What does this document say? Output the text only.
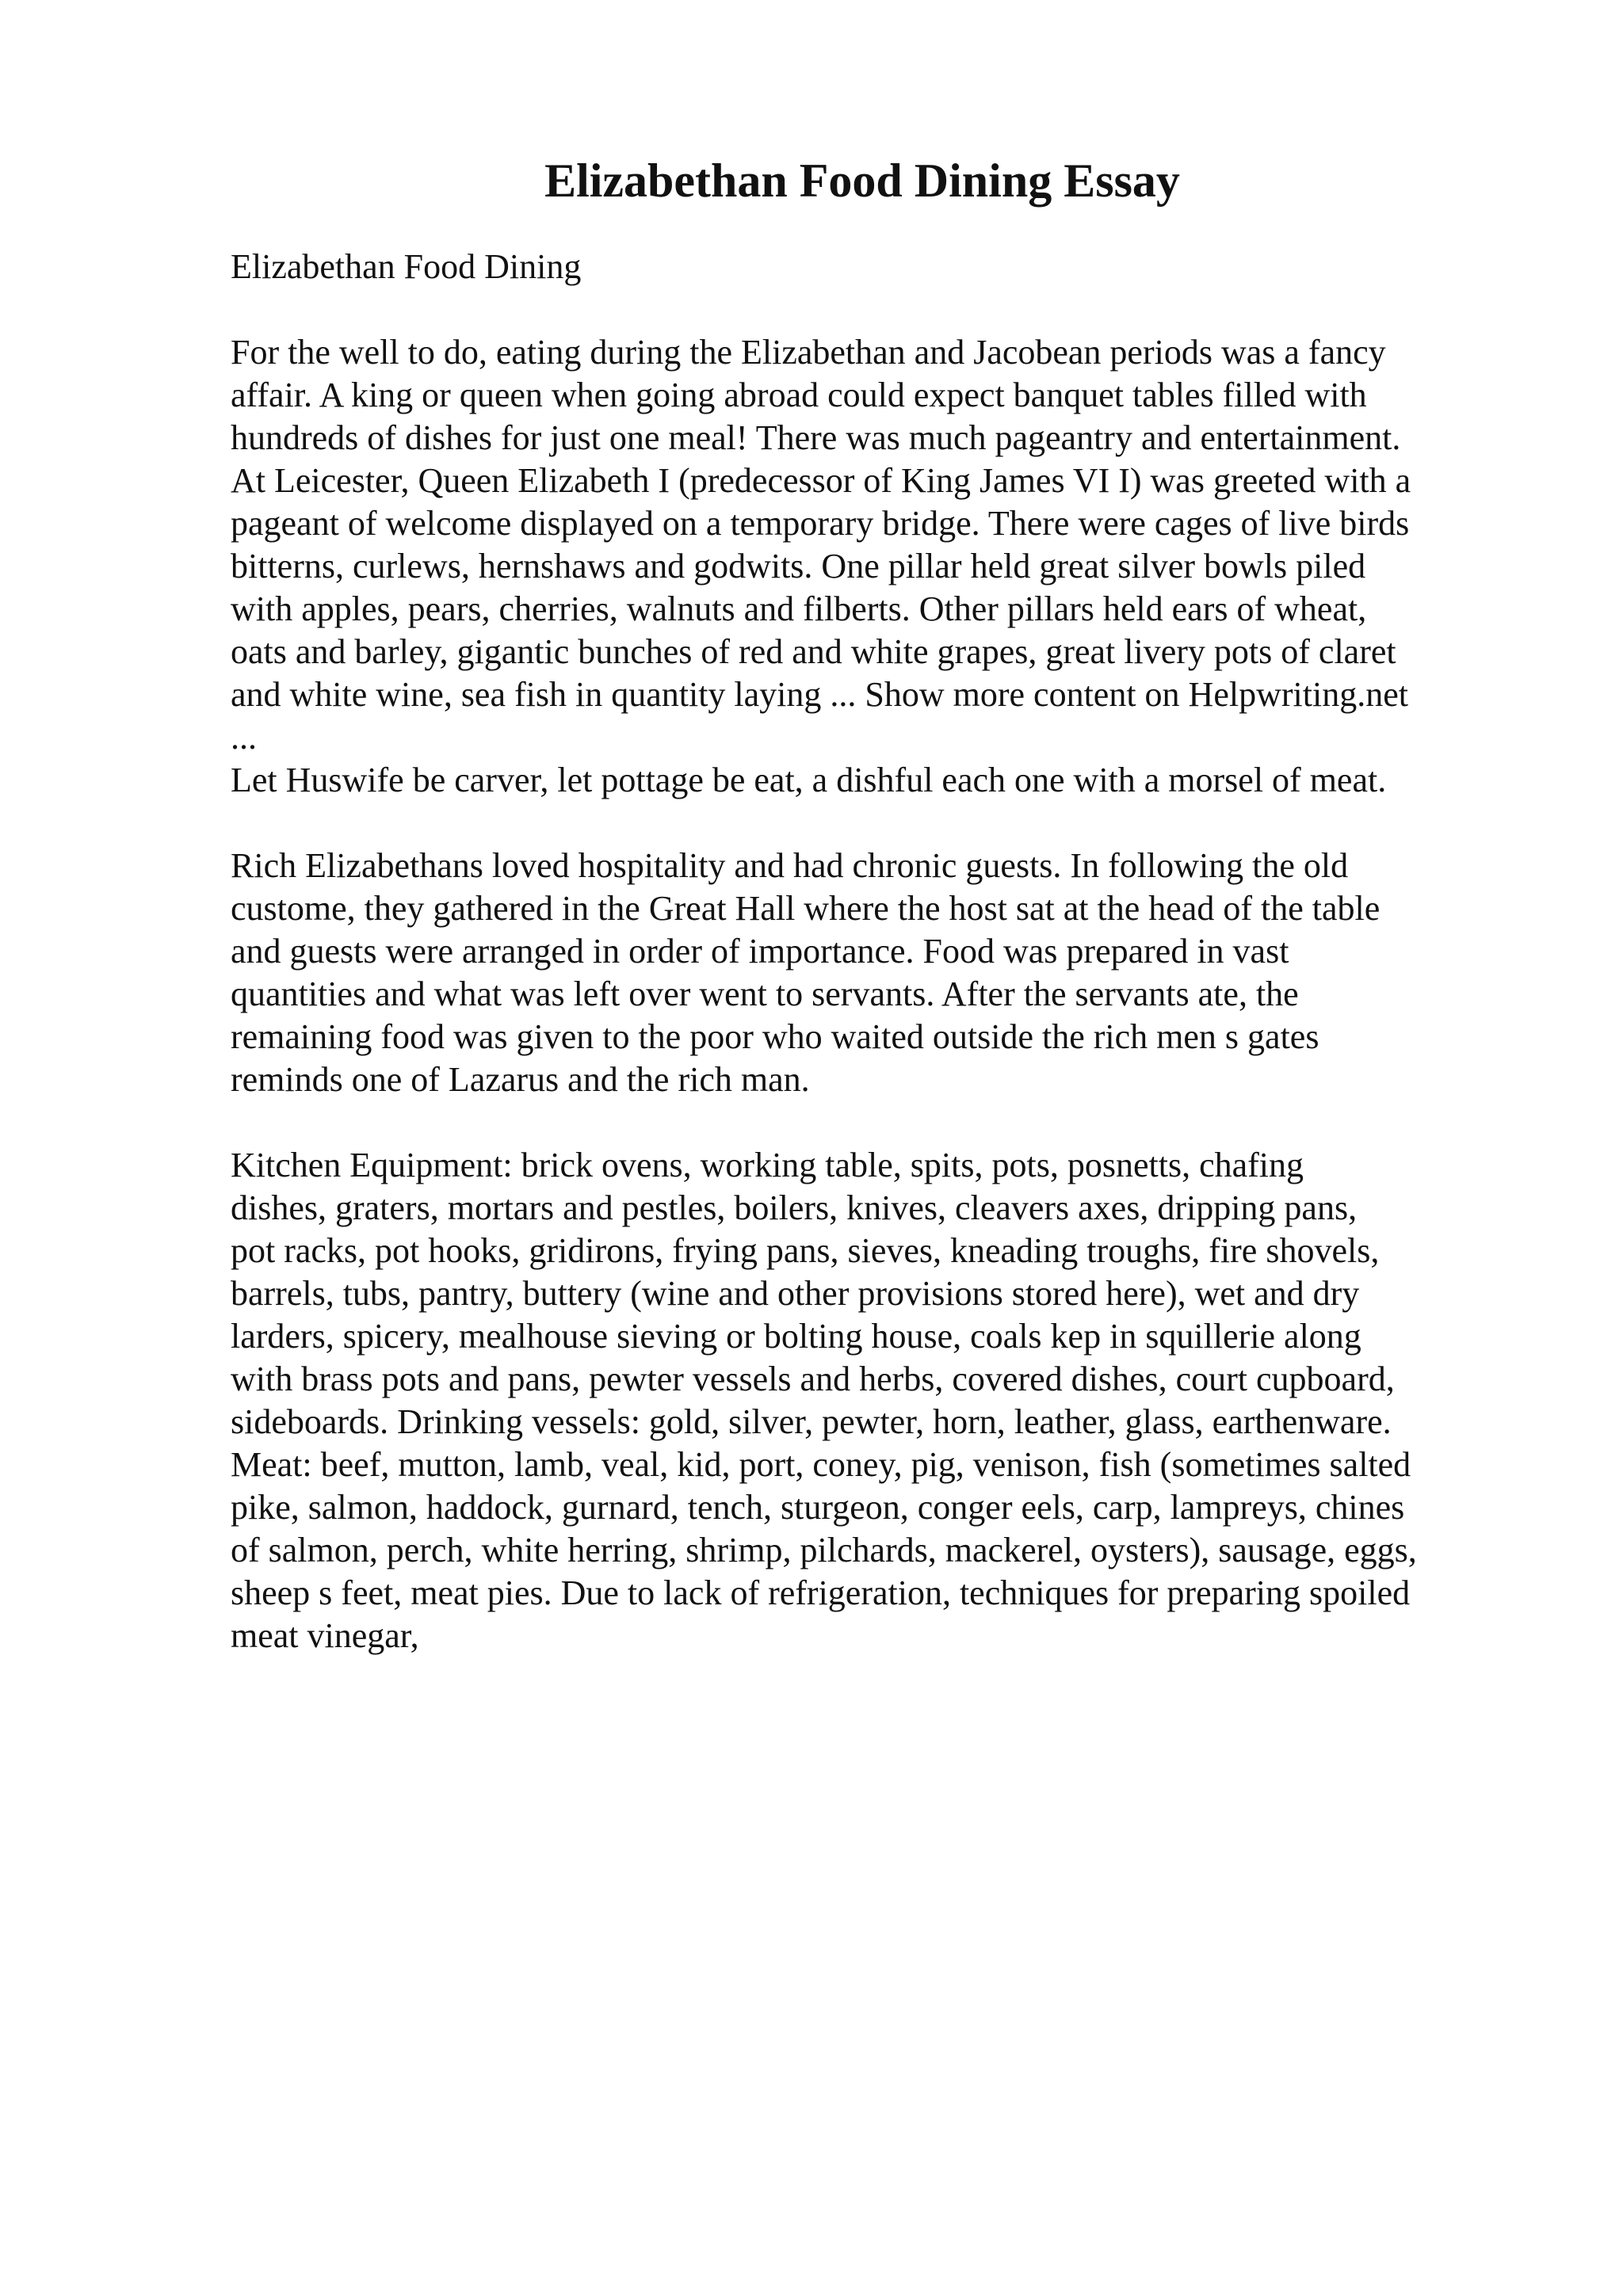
Elizabethan Food Dining Essay

Elizabethan Food Dining

For the well to do, eating during the Elizabethan and Jacobean periods was a fancy
affair. A king or queen when going abroad could expect banquet tables filled with
hundreds of dishes for just one meal! There was much pageantry and entertainment.
At Leicester, Queen Elizabeth I (predecessor of King James VI I) was greeted with a
pageant of welcome displayed on a temporary bridge. There were cages of live birds
bitterns, curlews, hernshaws and godwits. One pillar held great silver bowls piled
with apples, pears, cherries, walnuts and filberts. Other pillars held ears of wheat,
oats and barley, gigantic bunches of red and white grapes, great livery pots of claret
and white wine, sea fish in quantity laying ... Show more content on Helpwriting.net
...

Let Huswife be carver, let pottage be eat, a dishful each one with a morsel of meat.

Rich Elizabethans loved hospitality and had chronic guests. In following the old
custome, they gathered in the Great Hall where the host sat at the head of the table
and guests were arranged in order of importance. Food was prepared in vast
quantities and what was left over went to servants. After the servants ate, the
remaining food was given to the poor who waited outside the rich men s gates
reminds one of Lazarus and the rich man.

Kitchen Equipment: brick ovens, working table, spits, pots, posnetts, chafing
dishes, graters, mortars and pestles, boilers, knives, cleavers axes, dripping pans,
pot racks, pot hooks, gridirons, frying pans, sieves, kneading troughs, fire shovels,
barrels, tubs, pantry, buttery (wine and other provisions stored here), wet and dry
larders, spicery, mealhouse sieving or bolting house, coals kep in squillerie along
with brass pots and pans, pewter vessels and herbs, covered dishes, court cupboard,
sideboards. Drinking vessels: gold, silver, pewter, horn, leather, glass, earthenware.
Meat: beef, mutton, lamb, veal, kid, port, coney, pig, venison, fish (sometimes salted
pike, salmon, haddock, gurnard, tench, sturgeon, conger eels, carp, lampreys, chines
of salmon, perch, white herring, shrimp, pilchards, mackerel, oysters), sausage, eggs,
sheep s feet, meat pies. Due to lack of refrigeration, techniques for preparing spoiled
meat vinegar,
